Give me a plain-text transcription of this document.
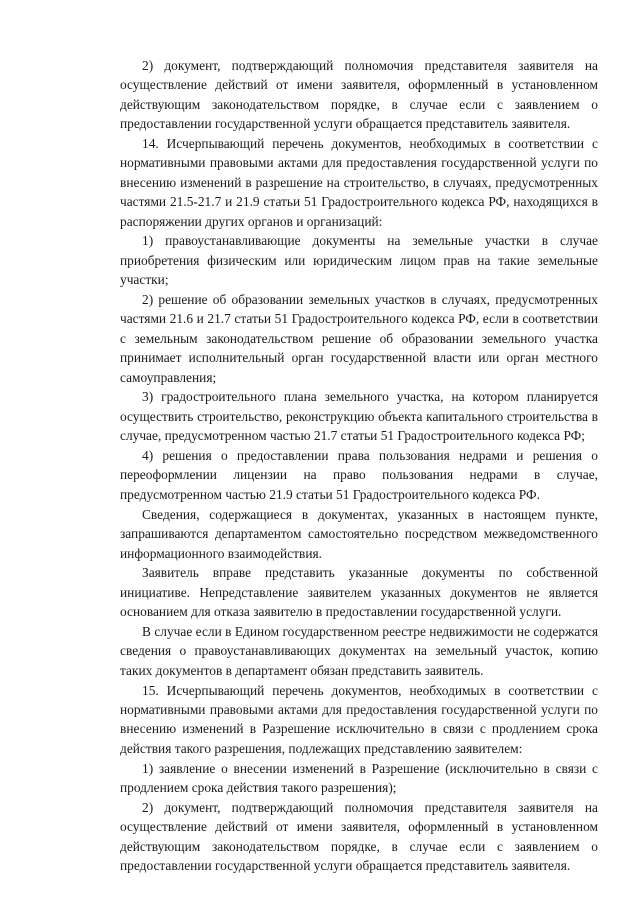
2) документ, подтверждающий полномочия представителя заявителя на осуществление действий от имени заявителя, оформленный в установленном действующим законодательством порядке, в случае если с заявлением о предоставлении государственной услуги обращается представитель заявителя.

14. Исчерпывающий перечень документов, необходимых в соответствии с нормативными правовыми актами для предоставления государственной услуги по внесению изменений в разрешение на строительство, в случаях, предусмотренных частями 21.5-21.7 и 21.9 статьи 51 Градостроительного кодекса РФ, находящихся в распоряжении других органов и организаций:

1) правоустанавливающие документы на земельные участки в случае приобретения физическим или юридическим лицом прав на такие земельные участки;

2) решение об образовании земельных участков в случаях, предусмотренных частями 21.6 и 21.7 статьи 51 Градостроительного кодекса РФ, если в соответствии с земельным законодательством решение об образовании земельного участка принимает исполнительный орган государственной власти или орган местного самоуправления;

3) градостроительного плана земельного участка, на котором планируется осуществить строительство, реконструкцию объекта капитального строительства в случае, предусмотренном частью 21.7 статьи 51 Градостроительного кодекса РФ;

4) решения о предоставлении права пользования недрами и решения о переоформлении лицензии на право пользования недрами в случае, предусмотренном частью 21.9 статьи 51 Градостроительного кодекса РФ.

Сведения, содержащиеся в документах, указанных в настоящем пункте, запрашиваются департаментом самостоятельно посредством межведомственного информационного взаимодействия.

Заявитель вправе представить указанные документы по собственной инициативе. Непредставление заявителем указанных документов не является основанием для отказа заявителю в предоставлении государственной услуги.

В случае если в Едином государственном реестре недвижимости не содержатся сведения о правоустанавливающих документах на земельный участок, копию таких документов в департамент обязан представить заявитель.

15. Исчерпывающий перечень документов, необходимых в соответствии с нормативными правовыми актами для предоставления государственной услуги по внесению изменений в Разрешение исключительно в связи с продлением срока действия такого разрешения, подлежащих представлению заявителем:

1) заявление о внесении изменений в Разрешение (исключительно в связи с продлением срока действия такого разрешения);

2) документ, подтверждающий полномочия представителя заявителя на осуществление действий от имени заявителя, оформленный в установленном действующим законодательством порядке, в случае если с заявлением о предоставлении государственной услуги обращается представитель заявителя.
